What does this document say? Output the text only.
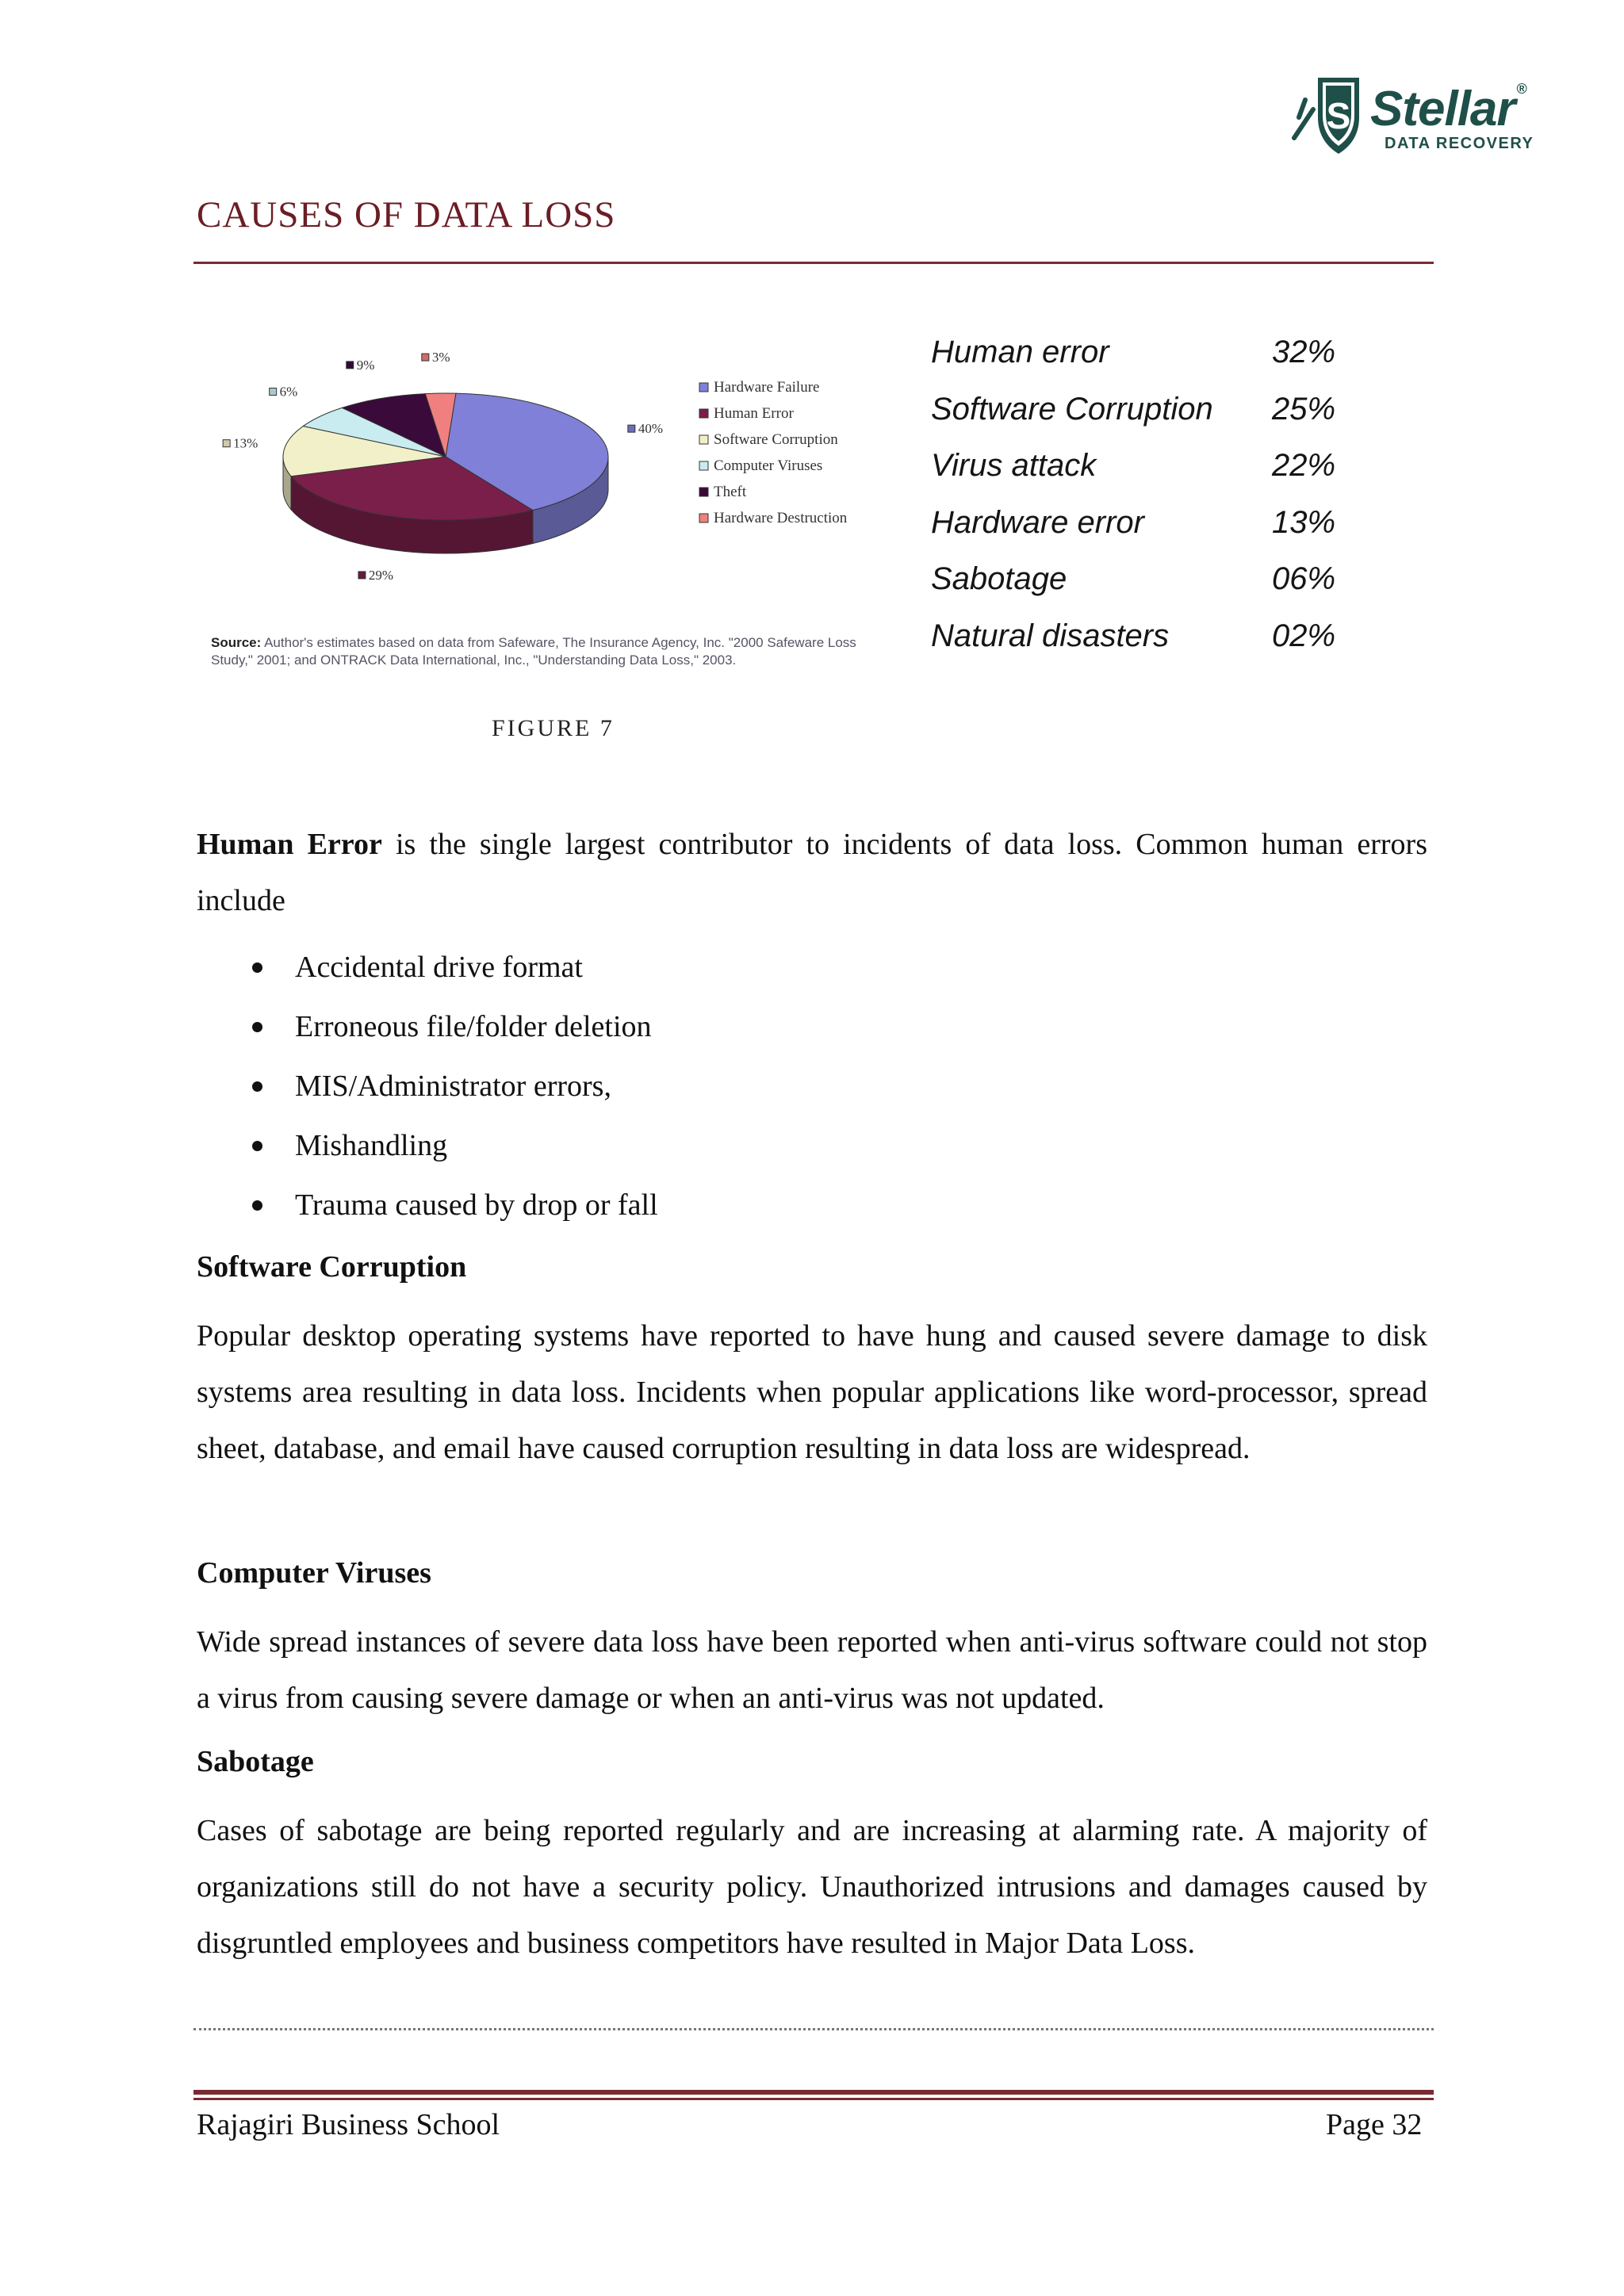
S Stellar ®
DATA RECOVERY
CAUSES OF DATA LOSS
40%
29%
13%
6%
9%
3%
Hardware Failure
Human Error
Software Corruption
Computer Viruses
Theft
Hardware Destruction
Source: Author's estimates based on data from Safeware, The Insurance Agency, Inc. "2000 Safeware Loss Study," 2001; and ONTRACK Data International, Inc., "Understanding Data Loss," 2003.
Human error	32%
Software Corruption 25%
Virus attack	22%
Hardware error	13%
Sabotage	06%
Natural disasters	02%
FIGURE 7
Human Error is the single largest contributor to incidents of data loss. Common human errors include
Accidental drive format
Erroneous file/folder deletion
MIS/Administrator errors,
Mishandling
Trauma caused by drop or fall
Software Corruption
Popular desktop operating systems have reported to have hung and caused severe damage to disk systems area resulting in data loss. Incidents when popular applications like word-processor, spread sheet, database, and email have caused corruption resulting in data loss are widespread.
Computer Viruses
Wide spread instances of severe data loss have been reported when anti-virus software could not stop a virus from causing severe damage or when an anti-virus was not updated.
Sabotage
Cases of sabotage are being reported regularly and are increasing at alarming rate. A majority of organizations still do not have a security policy. Unauthorized intrusions and damages caused by disgruntled employees and business competitors have resulted in Major Data Loss.
Rajagiri Business School	Page 32
